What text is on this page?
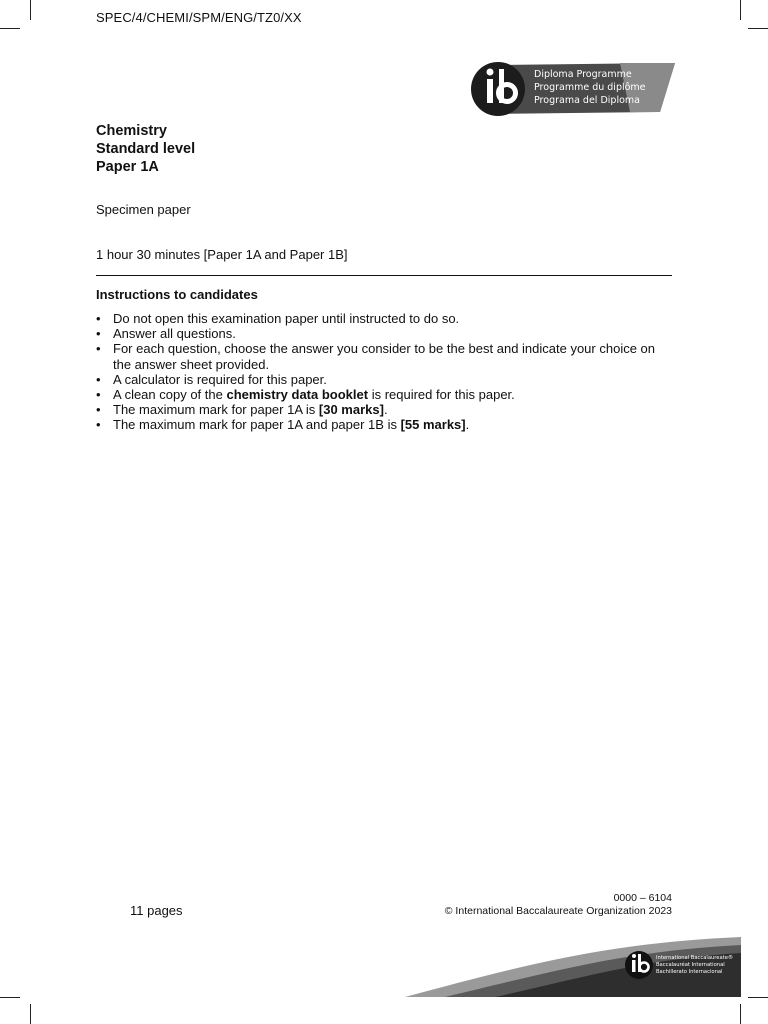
SPEC/4/CHEMI/SPM/ENG/TZ0/XX
Diploma Programme
Programme du diplôme
Programa del Diploma
Chemistry
Standard level
Paper 1A
Specimen paper
1 hour 30 minutes [Paper 1A and Paper 1B]
Instructions to candidates
• Do not open this examination paper until instructed to do so.
• Answer all questions.
• For each question, choose the answer you consider to be the best and indicate your choice on the answer sheet provided.
• A calculator is required for this paper.
• A clean copy of the chemistry data booklet is required for this paper.
• The maximum mark for paper 1A is [30 marks].
• The maximum mark for paper 1A and paper 1B is [55 marks].
0000 – 6104
11 pages	© International Baccalaureate Organization 2023
International Baccalaureate®
Baccalauréat International
Bachillerato Internacional
